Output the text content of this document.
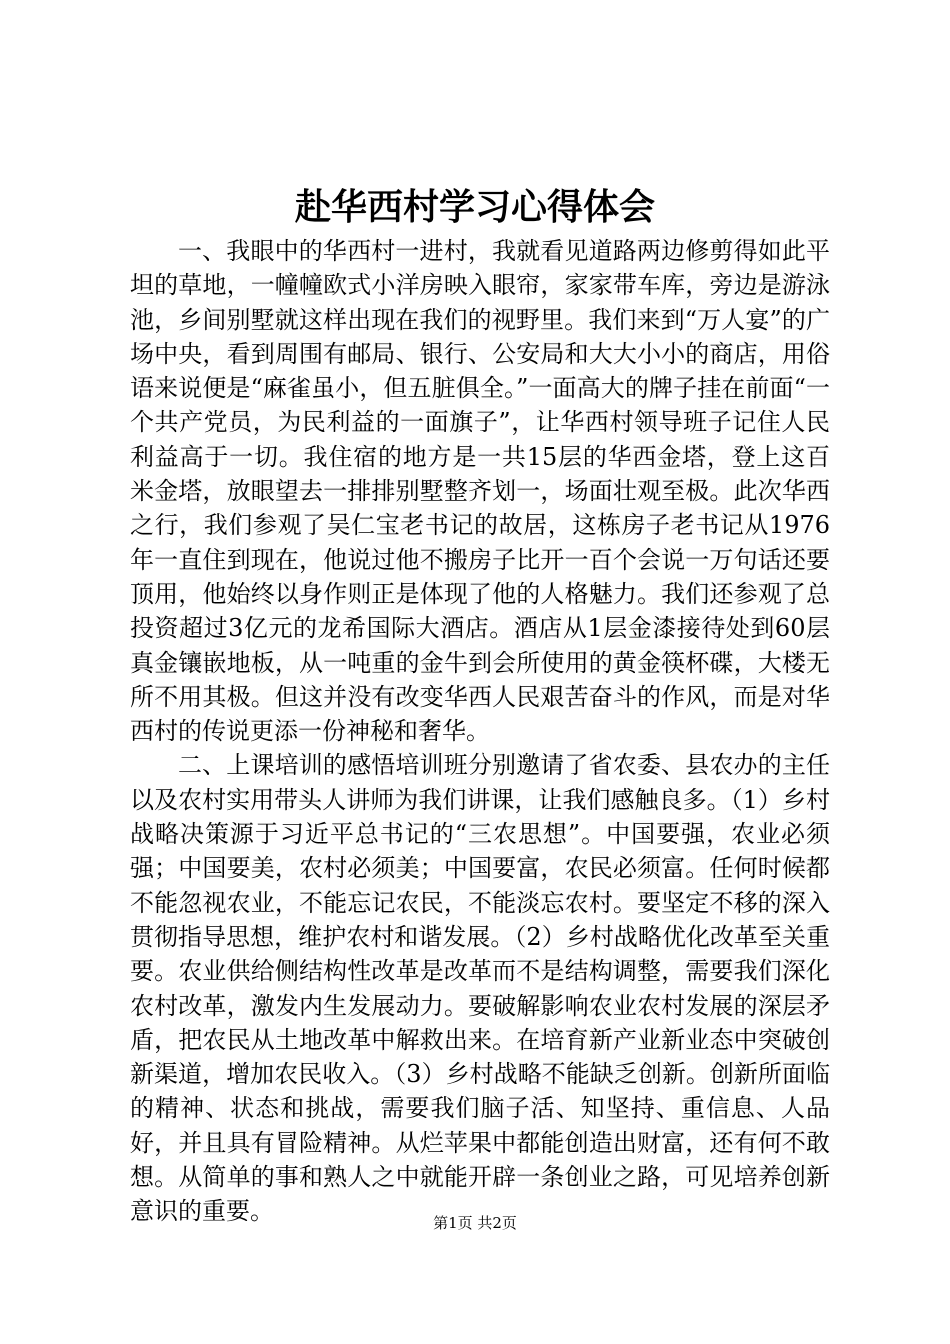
赴华西村学习心得体会

一、我眼中的华西村一进村，我就看见道路两边修剪得如此平坦的草地，一幢幢欧式小洋房映入眼帘，家家带车库，旁边是游泳池，乡间别墅就这样出现在我们的视野里。我们来到“万人宴”的广场中央，看到周围有邮局、银行、公安局和大大小小的商店，用俗语来说便是“麻雀虽小，但五脏俱全。”一面高大的牌子挂在前面“一个共产党员，为民利益的一面旗子”，让华西村领导班子记住人民利益高于一切。我住宿的地方是一共15层的华西金塔，登上这百米金塔，放眼望去一排排别墅整齐划一，场面壮观至极。此次华西之行，我们参观了吴仁宝老书记的故居，这栋房子老书记从1976年一直住到现在，他说过他不搬房子比开一百个会说一万句话还要顶用，他始终以身作则正是体现了他的人格魅力。我们还参观了总投资超过3亿元的龙希国际大酒店。酒店从1层金漆接待处到60层真金镶嵌地板，从一吨重的金牛到会所使用的黄金筷杯碟，大楼无所不用其极。但这并没有改变华西人民艰苦奋斗的作风，而是对华西村的传说更添一份神秘和奢华。

二、上课培训的感悟培训班分别邀请了省农委、县农办的主任以及农村实用带头人讲师为我们讲课，让我们感触良多。（1）乡村战略决策源于习近平总书记的“三农思想”。中国要强，农业必须强；中国要美，农村必须美；中国要富，农民必须富。任何时候都不能忽视农业，不能忘记农民，不能淡忘农村。要坚定不移的深入贯彻指导思想，维护农村和谐发展。（2）乡村战略优化改革至关重要。农业供给侧结构性改革是改革而不是结构调整，需要我们深化农村改革，激发内生发展动力。要破解影响农业农村发展的深层矛盾，把农民从土地改革中解救出来。在培育新产业新业态中突破创新渠道，增加农民收入。（3）乡村战略不能缺乏创新。创新所面临的精神、状态和挑战，需要我们脑子活、知坚持、重信息、人品好，并且具有冒险精神。从烂苹果中都能创造出财富，还有何不敢想。从简单的事和熟人之中就能开辟一条创业之路，可见培养创新意识的重要。	第1页 共2页
